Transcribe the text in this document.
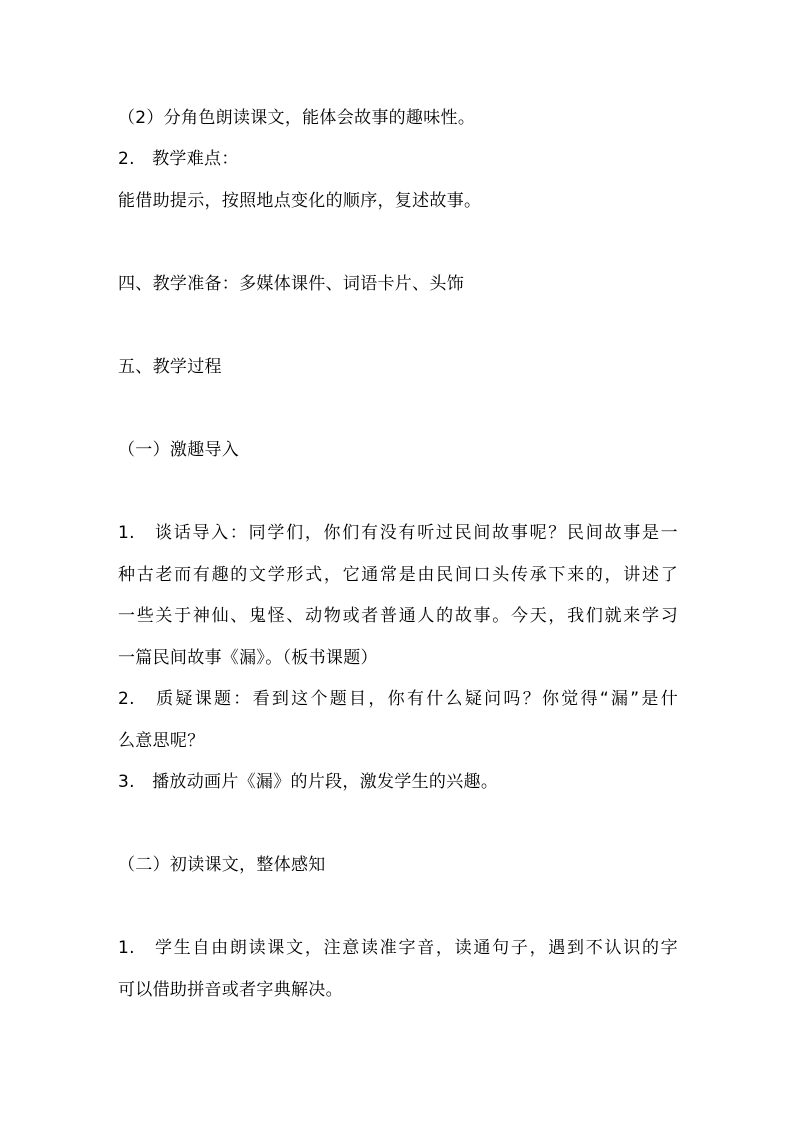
（2）分角色朗读课文，能体会故事的趣味性。
2.　教学难点：
能借助提示，按照地点变化的顺序，复述故事。
四、教学准备：多媒体课件、词语卡片、头饰
五、教学过程
（一）激趣导入
1.　谈话导入：同学们，你们有没有听过民间故事呢？民间故事是一
种古老而有趣的文学形式，它通常是由民间口头传承下来的，讲述了
一些关于神仙、鬼怪、动物或者普通人的故事。今天，我们就来学习
一篇民间故事《漏》。（板书课题）
2.　质疑课题：看到这个题目，你有什么疑问吗？你觉得“漏”是什
么意思呢？
3.　播放动画片《漏》的片段，激发学生的兴趣。
（二）初读课文，整体感知
1.　学生自由朗读课文，注意读准字音，读通句子，遇到不认识的字
可以借助拼音或者字典解决。
